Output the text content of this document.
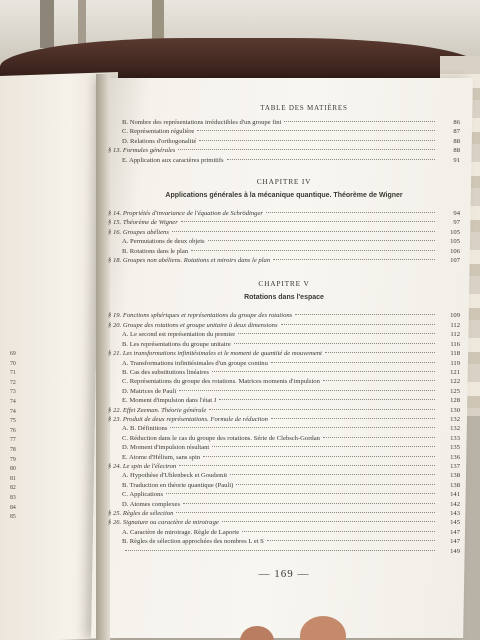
69
70
71
72
73
74
74
75
76
77
78
79
80
81
82
83
84
85
TABLE DES MATIÈRES
B. Nombre des représentations irréductibles d'un groupe fini	86
C. Représentation régulière	87
D. Relations d'orthogonalité	88
§ 13. Formules générales	88
E. Application aux caractères primitifs	91
CHAPITRE IV
Applications générales à la mécanique quantique. Théorème de Wigner
§ 14. Propriétés d'invariance de l'équation de Schrödinger	94
§ 15. Théorème de Wigner	97
§ 16. Groupes abéliens	105
A. Permutations de deux objets	105
B. Rotations dans le plan	106
§ 18. Groupes non abéliens. Rotations et miroirs dans le plan	107
CHAPITRE V
Rotations dans l'espace
§ 19. Fonctions sphériques et représentations du groupe des rotations	109
§ 20. Groupe des rotations et groupe unitaire à deux dimensions	112
A. Le second est représentation du premier	112
B. Les représentations du groupe unitaire	116
§ 21. Les transformations infinitésimales et le moment de quantité de mouvement	118
A. Transformations infinitésimales d'un groupe continu	119
B. Cas des substitutions linéaires	121
C. Représentations du groupe des rotations. Matrices moments d'impulsion	122
D. Matrices de Pauli	125
E. Moment d'impulsion dans l'état J	128
§ 22. Effet Zeeman. Théorie générale	130
§ 23. Produit de deux représentations. Formule de réduction	132
A. B. Définitions	132
C. Réduction dans le cas du groupe des rotations. Série de Clebsch-Gordan	133
D. Moment d'impulsion résultant	135
E. Atome d'Hélium, sans spin	136
§ 24. Le spin de l'électron	137
A. Hypothèse d'Uhlenbeck et Goudsmit	138
B. Traduction en théorie quantique (Pauli)	138
C. Applications	141
D. Atomes complexes	142
§ 25. Règles de sélection	143
§ 26. Signature ou caractère de miroirage	145
A. Caractère de miroirage. Règle de Laporte	147
B. Règles de sélection approchées des nombres L et S	147
149
— 169 —
